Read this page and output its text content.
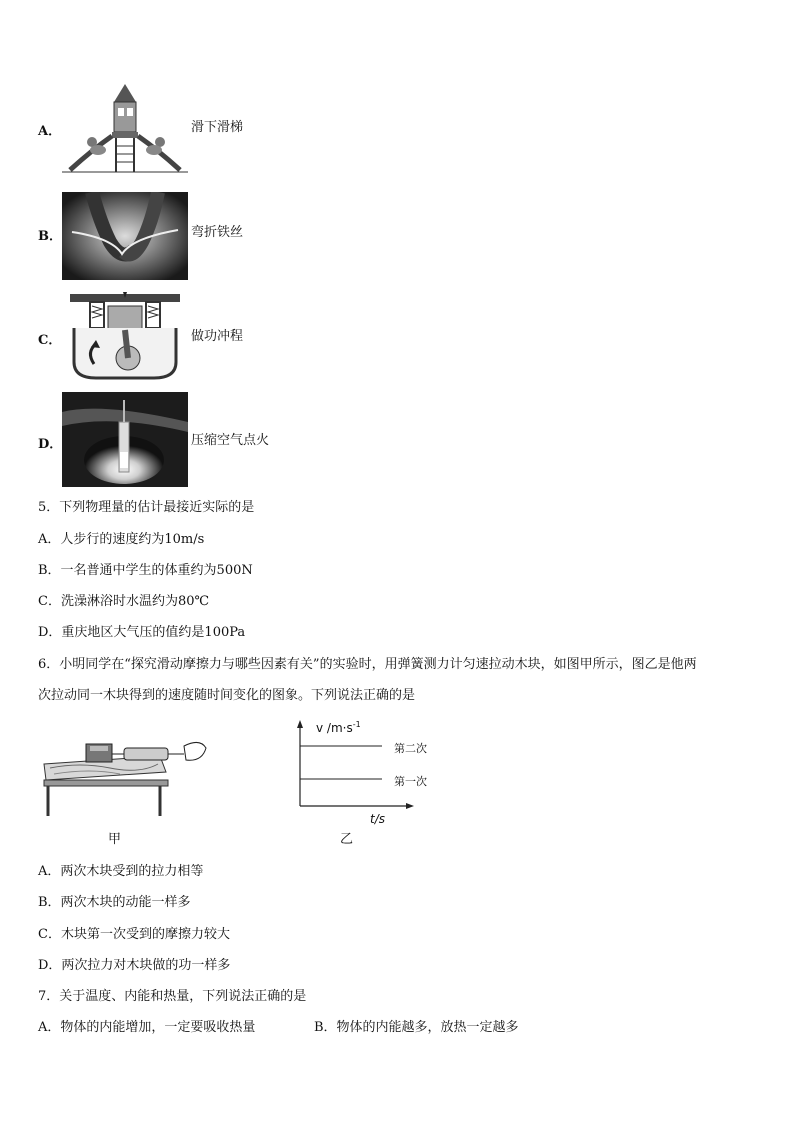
A．	滑下滑梯
B．	弯折铁丝
C．	做功冲程
D．	压缩空气点火
5．下列物理量的估计最接近实际的是
A．人步行的速度约为10m/s
B．一名普通中学生的体重约为500N
C．洗澡淋浴时水温约为80℃
D．重庆地区大气压的值约是100Pa
6．小明同学在“探究滑动摩擦力与哪些因素有关”的实验时，用弹簧测力计匀速拉动木块，如图甲所示，图乙是他两
次拉动同一木块得到的速度随时间变化的图象。下列说法正确的是
甲
v $/m\cdot s^{-1}$
第二次
第一次
t/s
乙
A．两次木块受到的拉力相等
B．两次木块的动能一样多
C．木块第一次受到的摩擦力较大
D．两次拉力对木块做的功一样多
7．关于温度、内能和热量，下列说法正确的是
A．物体的内能增加，一定要吸收热量	B．物体的内能越多，放热一定越多
